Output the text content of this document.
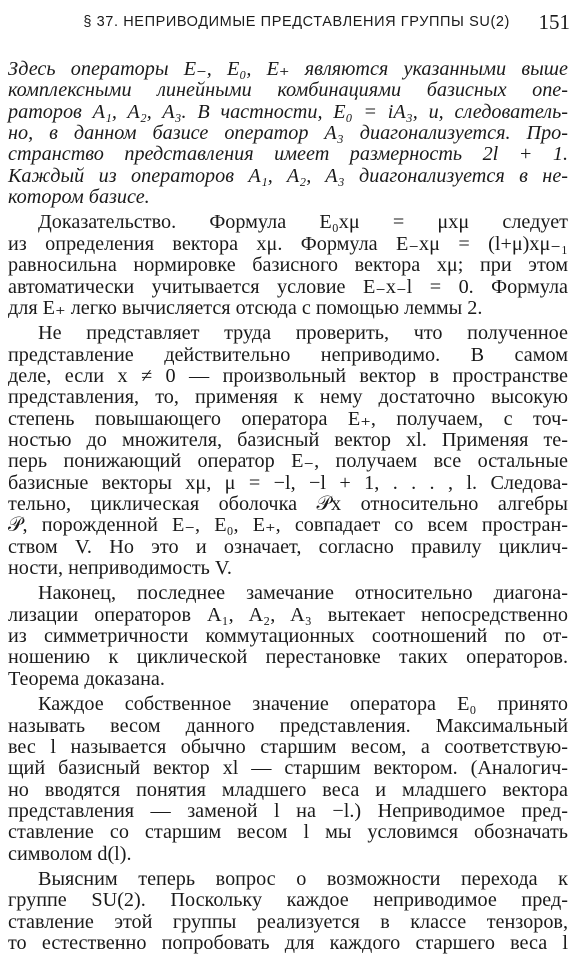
§ 37. НЕПРИВОДИМЫЕ ПРЕДСТАВЛЕНИЯ ГРУППЫ SU(2) 151
Здесь операторы E₋, E₀, E₊ являются указанными выше
комплексными линейными комбинациями базисных опе-
раторов A₁, A₂, A₃. В частности, E₀ = iA₃, и, следователь-
но, в данном базисе оператор A₃ диагонализуется. Про-
странство представления имеет размерность 2l + 1.
Каждый из операторов A₁, A₂, A₃ диагонализуется в не-
котором базисе.
Доказательство. Формула E₀xμ = μxμ следует
из определения вектора xμ. Формула E₋xμ = (l+μ)xμ₋₁
равносильна нормировке базисного вектора xμ; при этом
автоматически учитывается условие E₋x₋l = 0. Формула
для E₊ легко вычисляется отсюда с помощью леммы 2.
Не представляет труда проверить, что полученное
представление действительно неприводимо. В самом
деле, если x ≠ 0 — произвольный вектор в пространстве
представления, то, применяя к нему достаточно высокую
степень повышающего оператора E₊, получаем, с точ-
ностью до множителя, базисный вектор xl. Применяя те-
перь понижающий оператор E₋, получаем все остальные
базисные векторы xμ, μ = −l, −l + 1, . . . , l. Следова-
тельно, циклическая оболочка 𝒫x относительно алгебры
𝒫, порожденной E₋, E₀, E₊, совпадает со всем простран-
ством V. Но это и означает, согласно правилу циклич-
ности, неприводимость V.
Наконец, последнее замечание относительно диагона-
лизации операторов A₁, A₂, A₃ вытекает непосредственно
из симметричности коммутационных соотношений по от-
ношению к циклической перестановке таких операторов.
Теорема доказана.
Каждое собственное значение оператора E₀ принято
называть весом данного представления. Максимальный
вес l называется обычно старшим весом, а соответствую-
щий базисный вектор xl — старшим вектором. (Аналогич-
но вводятся понятия младшего веса и младшего вектора
представления — заменой l на −l.) Неприводимое пред-
ставление со старшим весом l мы условимся обозначать
символом d(l).
Выясним теперь вопрос о возможности перехода к
группе SU(2). Поскольку каждое неприводимое пред-
ставление этой группы реализуется в классе тензоров,
то естественно попробовать для каждого старшего веса l
